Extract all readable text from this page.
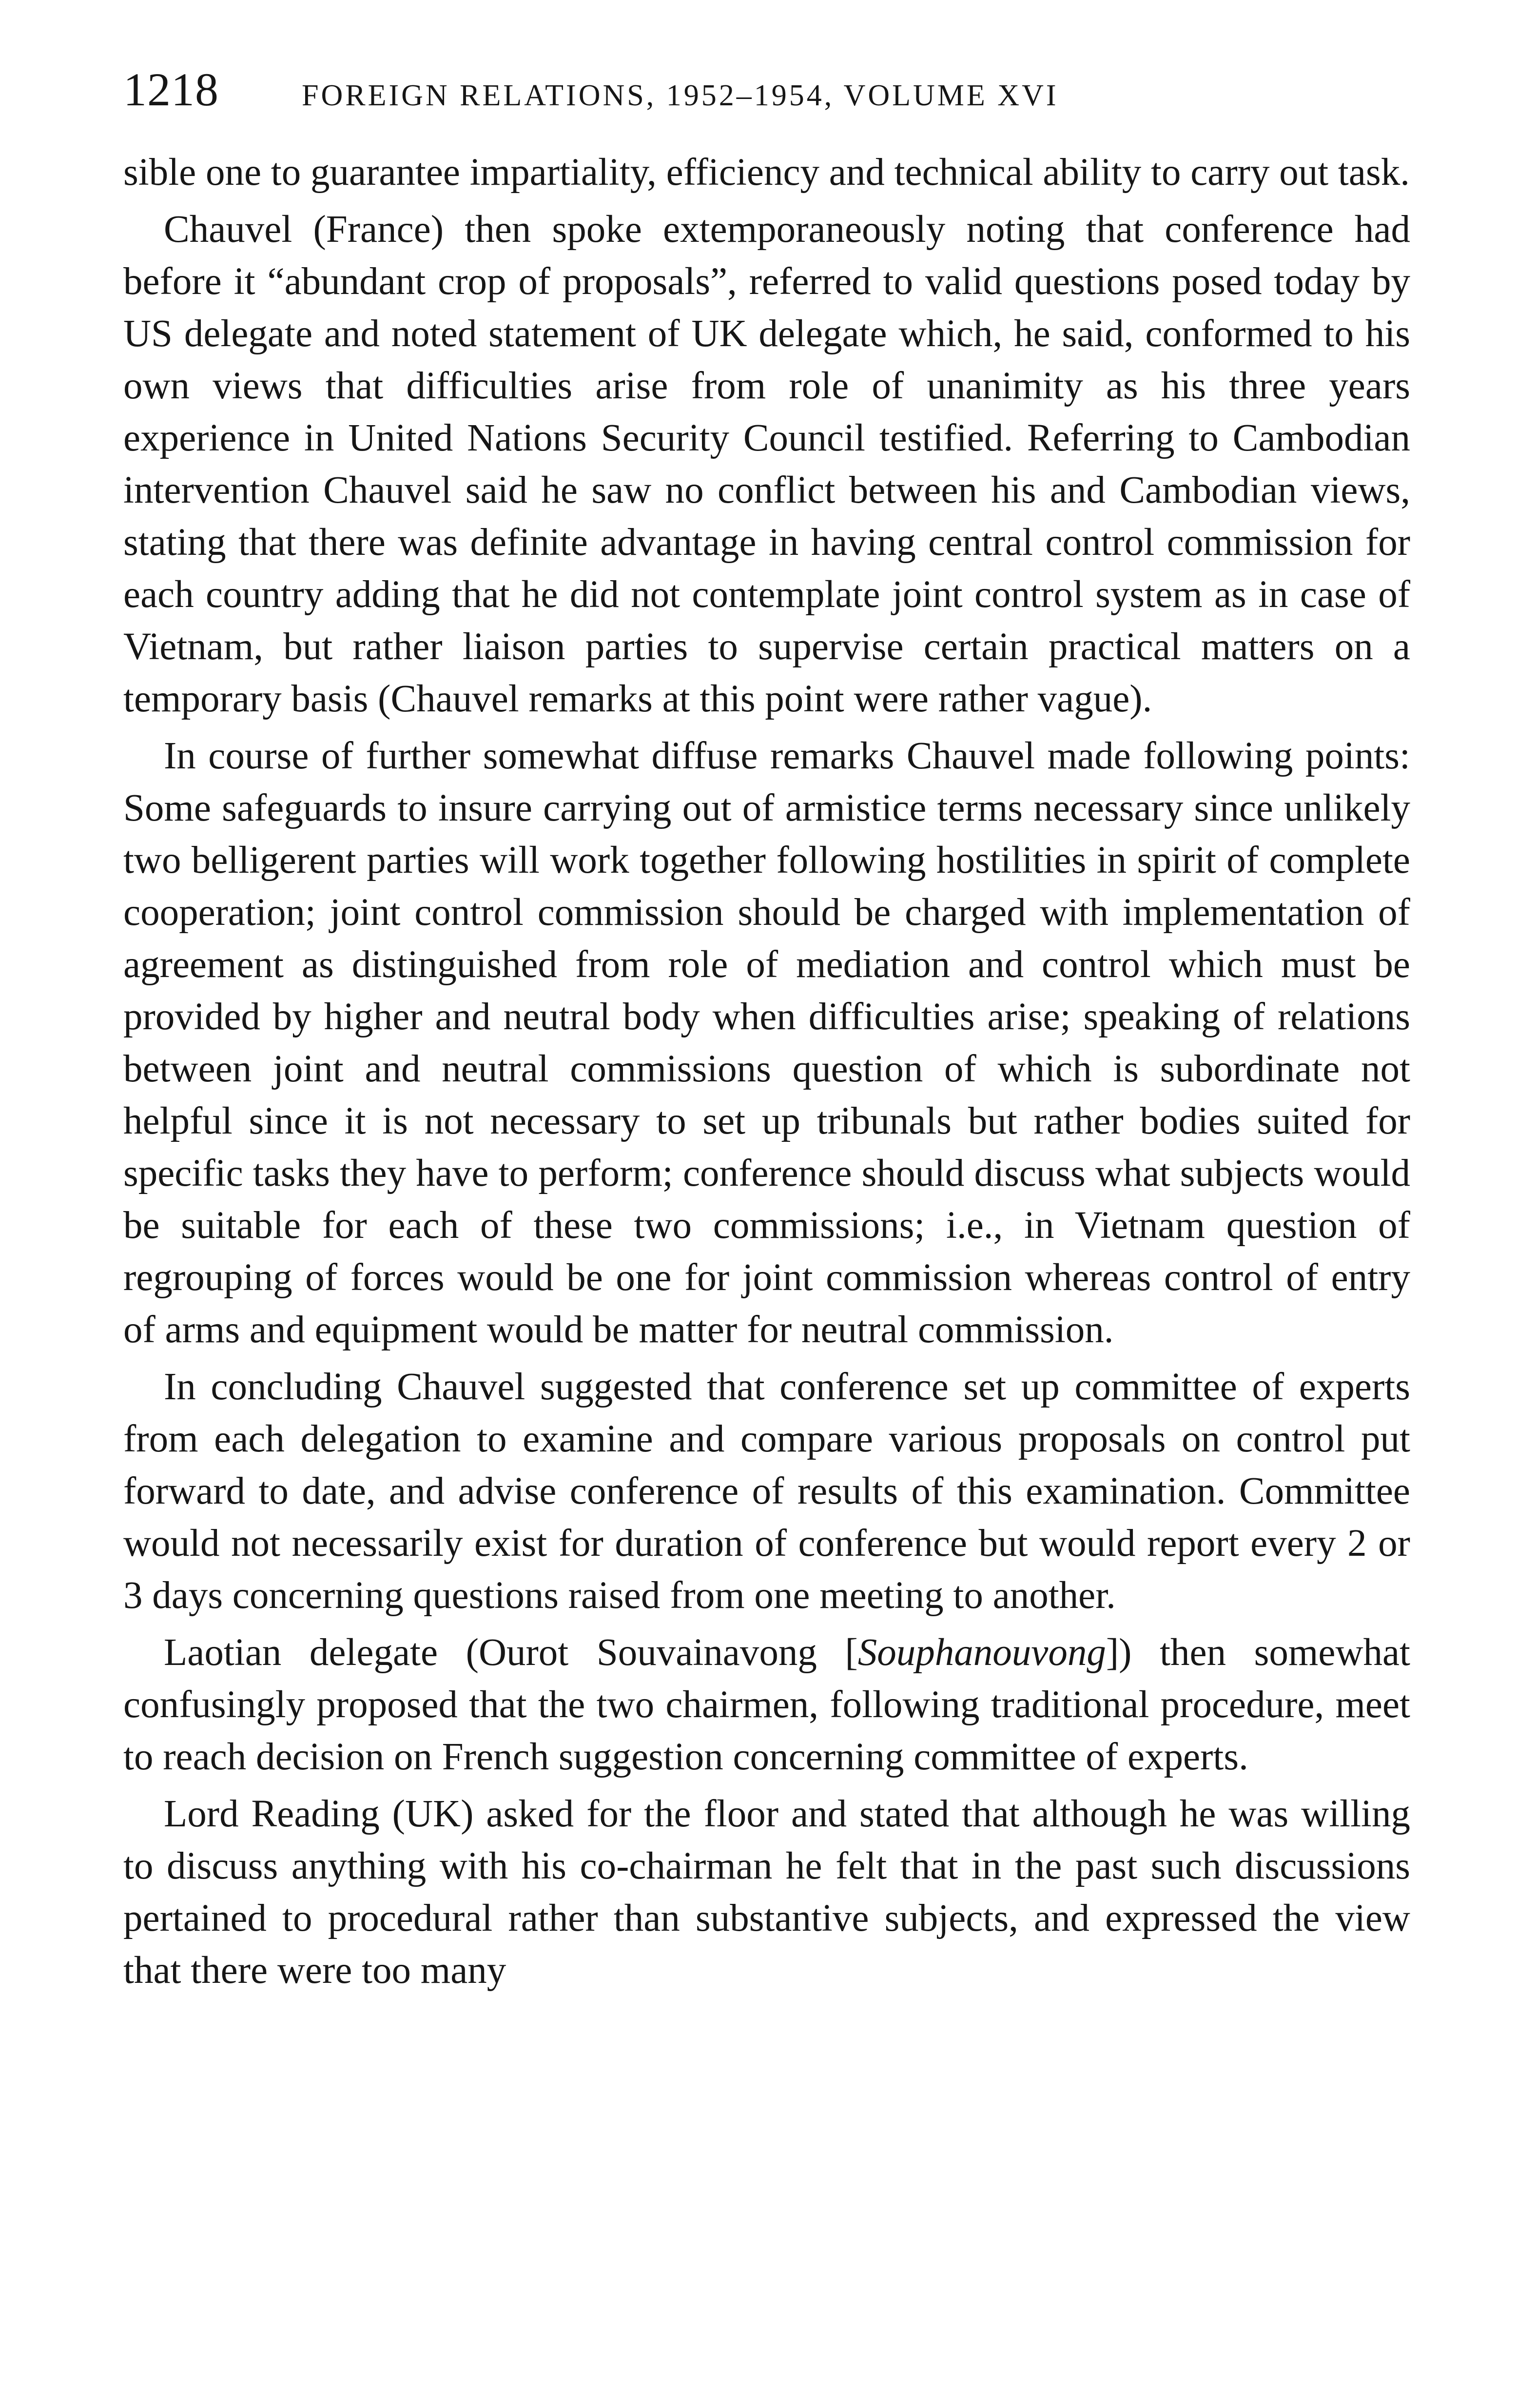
1218	FOREIGN RELATIONS, 1952–1954, VOLUME XVI

sible one to guarantee impartiality, efficiency and technical ability to carry out task.

Chauvel (France) then spoke extemporaneously noting that conference had before it “abundant crop of proposals”, referred to valid questions posed today by US delegate and noted statement of UK delegate which, he said, conformed to his own views that difficulties arise from role of unanimity as his three years experience in United Nations Security Council testified. Referring to Cambodian intervention Chauvel said he saw no conflict between his and Cambodian views, stating that there was definite advantage in having central control commission for each country adding that he did not contemplate joint control system as in case of Vietnam, but rather liaison parties to supervise certain practical matters on a temporary basis (Chauvel remarks at this point were rather vague).

In course of further somewhat diffuse remarks Chauvel made following points: Some safeguards to insure carrying out of armistice terms necessary since unlikely two belligerent parties will work together following hostilities in spirit of complete cooperation; joint control commission should be charged with implementation of agreement as distinguished from role of mediation and control which must be provided by higher and neutral body when difficulties arise; speaking of relations between joint and neutral commissions question of which is subordinate not helpful since it is not necessary to set up tribunals but rather bodies suited for specific tasks they have to perform; conference should discuss what subjects would be suitable for each of these two commissions; i.e., in Vietnam question of regrouping of forces would be one for joint commission whereas control of entry of arms and equipment would be matter for neutral commission.

In concluding Chauvel suggested that conference set up committee of experts from each delegation to examine and compare various proposals on control put forward to date, and advise conference of results of this examination. Committee would not necessarily exist for duration of conference but would report every 2 or 3 days concerning questions raised from one meeting to another.

Laotian delegate (Ourot Souvainavong [Souphanouvong]) then somewhat confusingly proposed that the two chairmen, following traditional procedure, meet to reach decision on French suggestion concerning committee of experts.

Lord Reading (UK) asked for the floor and stated that although he was willing to discuss anything with his co-chairman he felt that in the past such discussions pertained to procedural rather than substantive subjects, and expressed the view that there were too many
